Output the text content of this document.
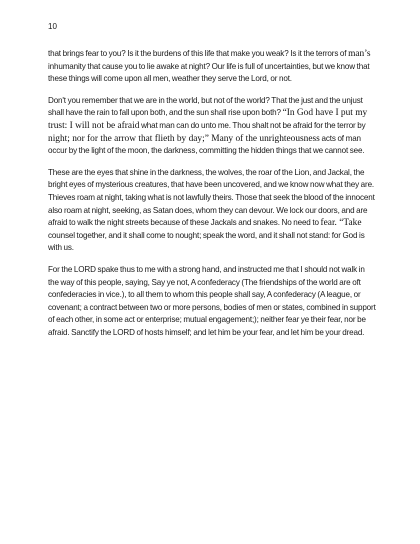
10

that brings fear to you? Is it the burdens of this life that make you weak? Is it the terrors of man’s inhumanity that cause you to lie awake at night? Our life is full of uncertainties, but we know that these things will come upon all men, weather they serve the Lord, or not.

Don't you remember that we are in the world, but not of the world? That the just and the unjust shall have the rain to fall upon both, and the sun shall rise upon both? “In God have I put my trust: I will not be afraid what man can do unto me. Thou shalt not be afraid for the terror by night; nor for the arrow that flieth by day;” Many of the unrighteousness acts of man occur by the light of the moon, the darkness, committing the hidden things that we cannot see.

These are the eyes that shine in the darkness, the wolves, the roar of the Lion, and Jackal, the bright eyes of mysterious creatures, that have been uncovered, and we know now what they are. Thieves roam at night, taking what is not lawfully theirs. Those that seek the blood of the innocent also roam at night, seeking, as Satan does, whom they can devour. We lock our doors, and are afraid to walk the night streets because of these Jackals and snakes. No need to fear. “Take counsel together, and it shall come to nought; speak the word, and it shall not stand: for God is with us.

For the LORD spake thus to me with a strong hand, and instructed me that I should not walk in the way of this people, saying, Say ye not, A confederacy (The friendships of the world are oft confederacies in vice.), to all them to whom this people shall say, A confederacy (A league, or covenant; a contract between two or more persons, bodies of men or states, combined in support of each other, in some act or enterprise; mutual engagement;); neither fear ye their fear, nor be afraid. Sanctify the LORD of hosts himself; and let him be your fear, and let him be your dread.
